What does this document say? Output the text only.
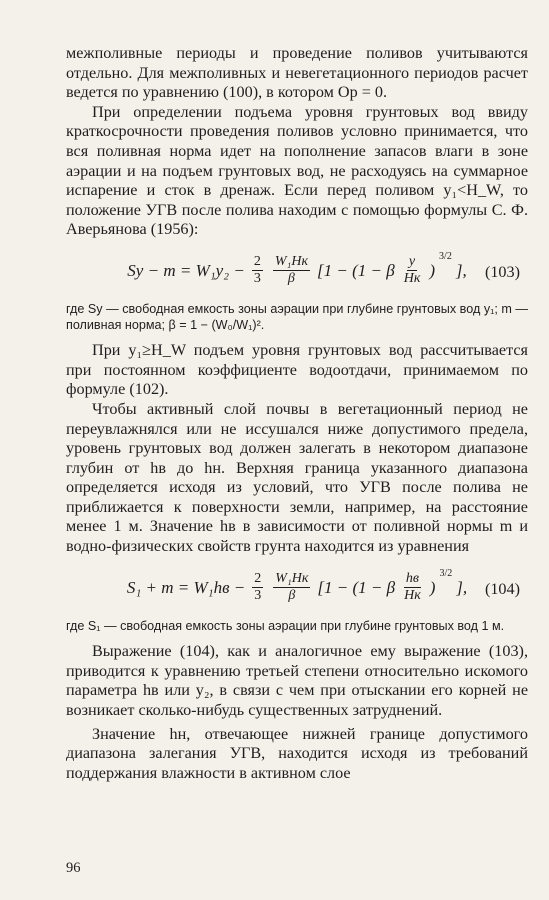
межполивные периоды и проведение поливов учитываются отдельно. Для межполивных и невегетационного периодов расчет ведется по уравнению (100), в котором Op = 0.

При определении подъема уровня грунтовых вод ввиду краткосрочности проведения поливов условно принимается, что вся поливная норма идет на пополнение запасов влаги в зоне аэрации и на подъем грунтовых вод, не расходуясь на суммарное испарение и сток в дренаж. Если перед поливом y₁<H_W, то положение УГВ после полива находим с помощью формулы С. Ф. Аверьянова (1956):

$Sy - m = W_1y_2 - \frac{2}{3} \frac{\text{W₁Hк}}{\beta} [1 - (1 - \beta \frac{y}{Hк}$ )
3/2
], (103)

где Sy — свободная емкость зоны аэрации при глубине грунтовых вод y₁; m — поливная норма; β = 1 − (W₀/W₁)².

При y₁≥H_W подъем уровня грунтовых вод рассчитывается при постоянном коэффициенте водоотдачи, принимаемом по формуле (102).

Чтобы активный слой почвы в вегетационный период не переувлажнялся или не иссушался ниже допустимого предела, уровень грунтовых вод должен залегать в некотором диапазоне глубин от hв до hн. Верхняя граница указанного диапазона определяется исходя из условий, что УГВ после полива не приближается к поверхности земли, например, на расстояние менее 1 м. Значение hв в зависимости от поливной нормы m и водно-физических свойств грунта находится из уравнения

$S_1 + m = W_1hв - \frac{2}{3} \frac{\text{W₁Hк}}{\beta} [1 - (1 - \beta \frac{hв}{Hк}$ )
3/2
], (104)

где S₁ — свободная емкость зоны аэрации при глубине грунтовых вод 1 м.

Выражение (104), как и аналогичное ему выражение (103), приводится к уравнению третьей степени относительно искомого параметра hв или y₂, в связи с чем при отыскании его корней не возникает сколько-нибудь существенных затруднений.

Значение hн, отвечающее нижней границе допустимого диапазона залегания УГВ, находится исходя из требований поддержания влажности в активном слое

96
